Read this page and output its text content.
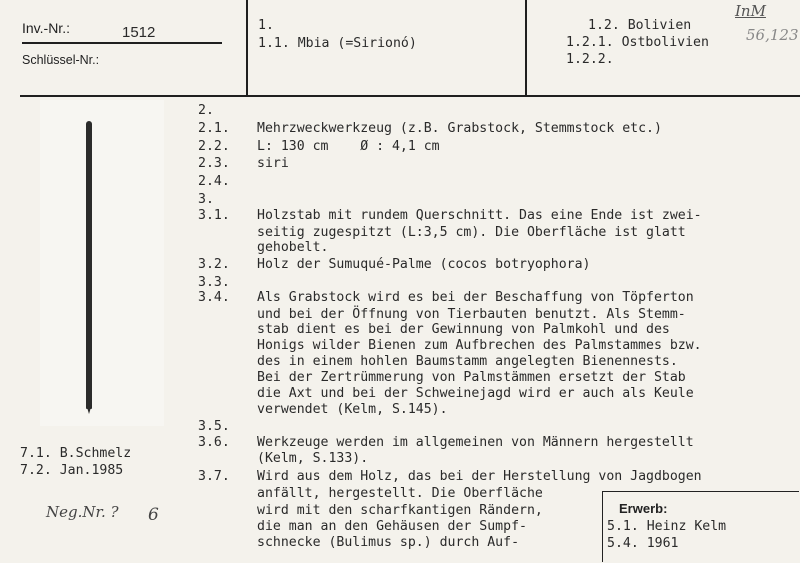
Inv.-Nr.:	1512
Schlüssel-Nr.:
1.
1.1. Mbia (=Sirionó)
1.2. Bolivien
1.2.1. Ostbolivien
1.2.2.
InM
56,123
7.1. B.Schmelz
7.2. Jan.1985
Neg.Nr. ? 6
2.
2.1.	Mehrzweckwerkzeug (z.B. Grabstock, Stemmstock etc.)
2.2.	L: 130 cm    Ø : 4,1 cm
2.3.	siri
2.4.
3.
3.1.	Holzstab mit rundem Querschnitt. Das eine Ende ist zwei-
seitig zugespitzt (L:3,5 cm). Die Oberfläche ist glatt
gehobelt.
3.2.	Holz der Sumuqué-Palme (cocos botryophora)
3.3.
3.4.	Als Grabstock wird es bei der Beschaffung von Töpferton
und bei der Öffnung von Tierbauten benutzt. Als Stemm-
stab dient es bei der Gewinnung von Palmkohl und des
Honigs wilder Bienen zum Aufbrechen des Palmstammes bzw.
des in einem hohlen Baumstamm angelegten Bienennests.
Bei der Zertrümmerung von Palmstämmen ersetzt der Stab
die Axt und bei der Schweinejagd wird er auch als Keule
verwendet (Kelm, S.145).
3.5.
3.6.	Werkzeuge werden im allgemeinen von Männern hergestellt
(Kelm, S.133).
3.7.	Wird aus dem Holz, das bei der Herstellung von Jagdbogen
anfällt, hergestellt. Die Oberfläche
wird mit den scharfkantigen Rändern,
die man an den Gehäusen der Sumpf-
schnecke (Bulimus sp.) durch Auf-
Erwerb:
5.1. Heinz Kelm
5.4. 1961
